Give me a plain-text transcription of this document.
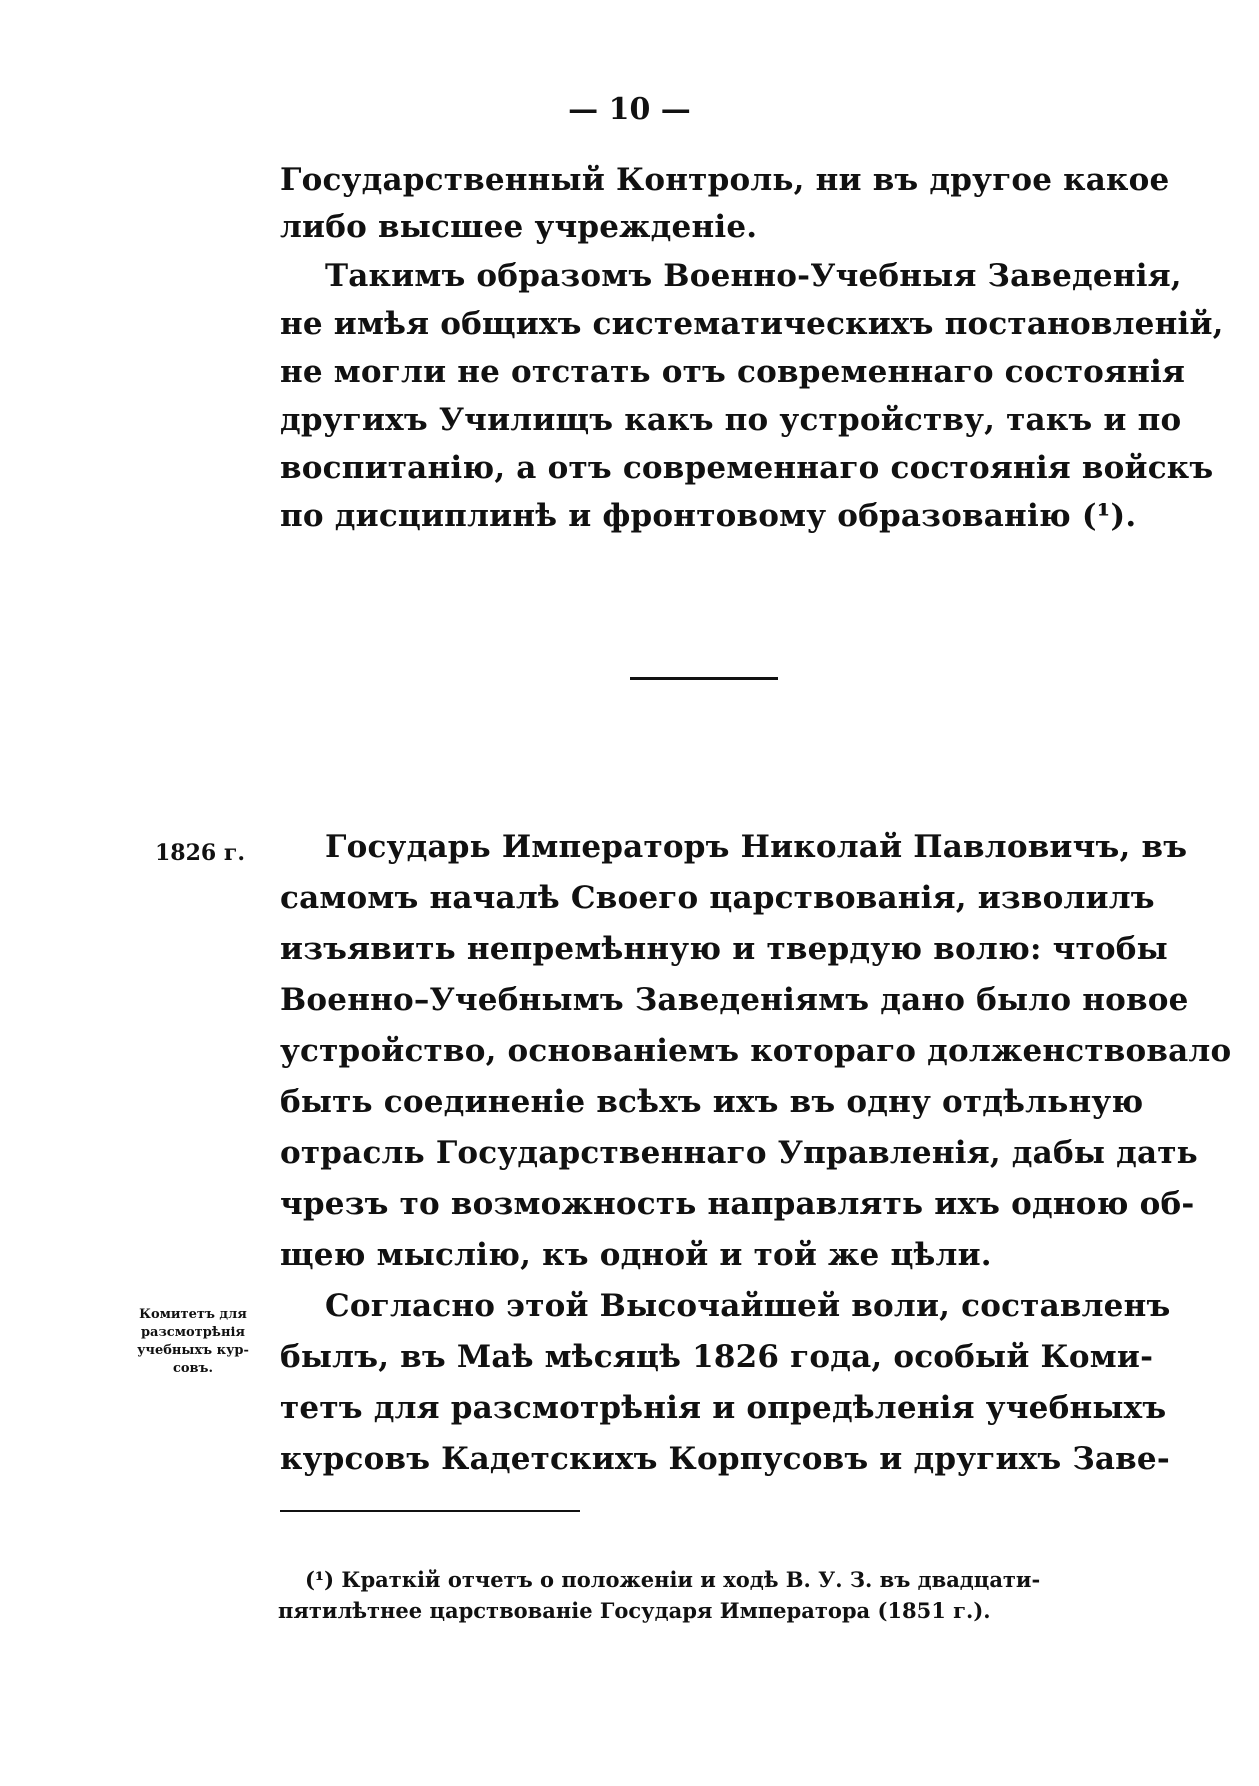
— 10 —
Государственный Контроль, ни въ другое какое
либо высшее учрежденіе.
Такимъ образомъ Военно-Учебныя Заведенія,
не имѣя общихъ систематическихъ постановленій,
не могли не отстать отъ современнаго состоянія
другихъ Училищъ какъ по устройству, такъ и по
воспитанію, а отъ современнаго состоянія войскъ
по дисциплинѣ и фронтовому образованію (¹).
1826 г.	Государь Императоръ Николай Павловичъ, въ
самомъ началѣ Своего царствованія, изволилъ
изъявить непремѣнную и твердую волю: чтобы
Военно–Учебнымъ Заведеніямъ дано было новое
устройство, основаніемъ котораго долженствовало
быть соединеніе всѣхъ ихъ въ одну отдѣльную
отрасль Государственнаго Управленія, дабы дать
чрезъ то возможность направлять ихъ одною об-
щею мыслію, къ одной и той же цѣли.
Комитетъ для
разсмотрѣнія
учебныхъ кур-
совъ.
Согласно этой Высочайшей воли, составленъ
былъ, въ Маѣ мѣсяцѣ 1826 года, особый Коми-
тетъ для разсмотрѣнія и опредѣленія учебныхъ
курсовъ Кадетскихъ Корпусовъ и другихъ Заве-
(¹) Краткій отчетъ о положеніи и ходѣ В. У. З. въ двадцати-
пятилѣтнее царствованіе Государя Императора (1851 г.).
